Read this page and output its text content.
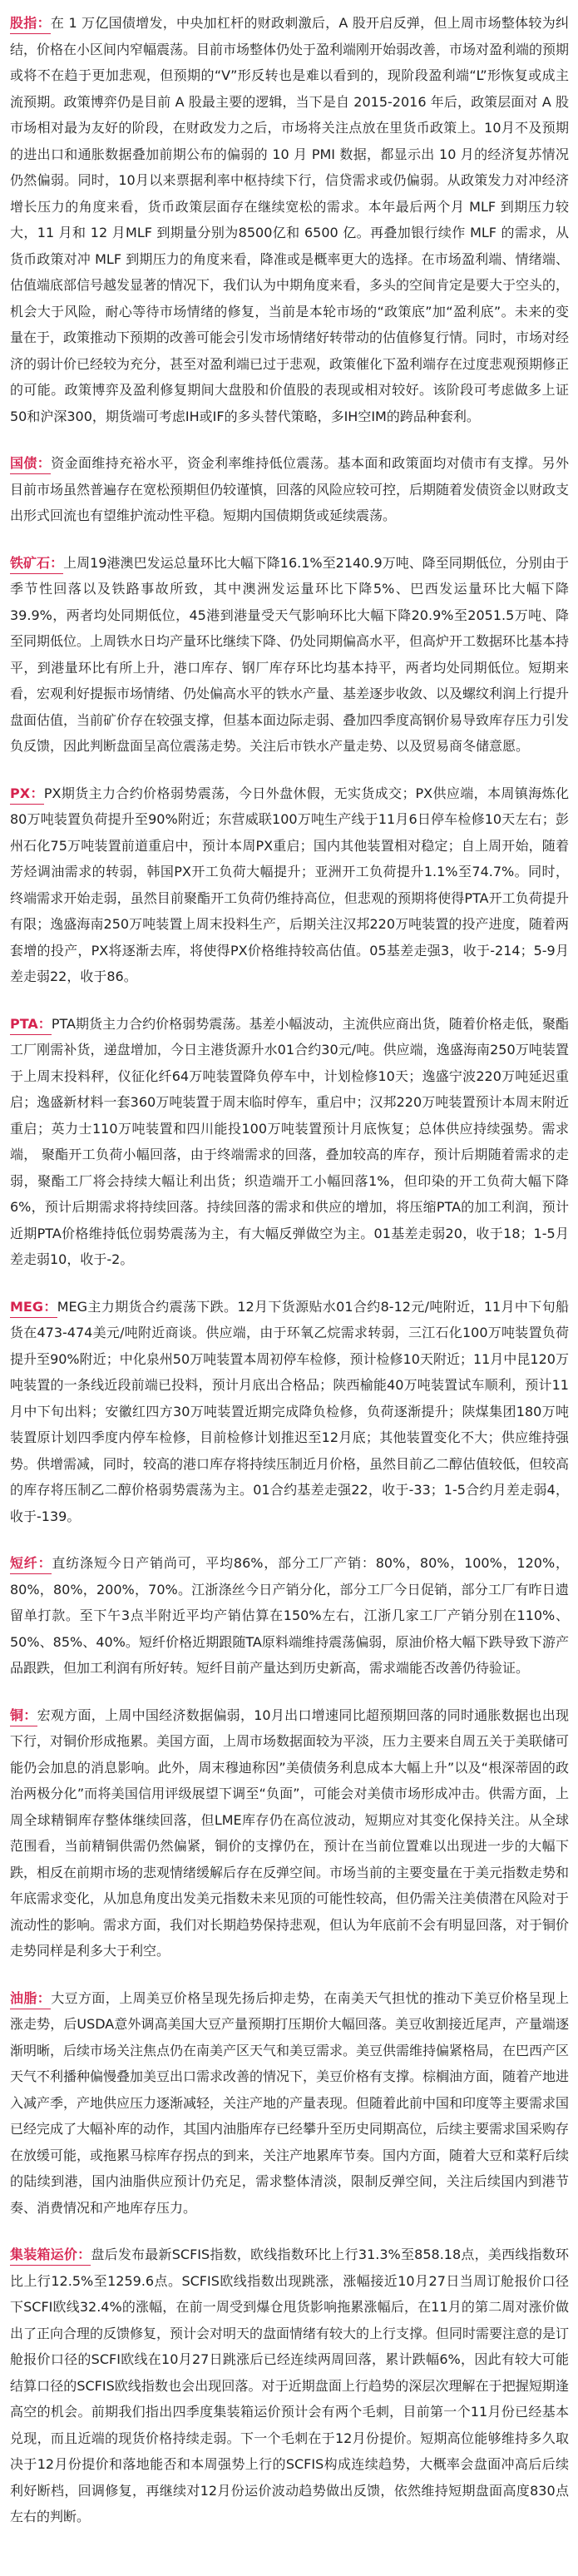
股指：在 1 万亿国债增发，中央加杠杆的财政刺激后，A 股开启反弹，但上周市场整体较为纠结，价格在小区间内窄幅震荡。目前市场整体仍处于盈利端刚开始弱改善，市场对盈利端的预期或将不在趋于更加悲观，但预期的“V”形反转也是难以看到的，现阶段盈利端“L”形恢复或成主流预期。政策博弈仍是目前 A 股最主要的逻辑，当下是自 2015-2016 年后，政策层面对 A 股市场相对最为友好的阶段，在财政发力之后，市场将关注点放在里货币政策上。10月不及预期的进出口和通胀数据叠加前期公布的偏弱的 10 月 PMI 数据，都显示出 10 月的经济复苏情况仍然偏弱。同时，10月以来票据利率中枢持续下行，信贷需求或仍偏弱。从政策发力对冲经济增长压力的角度来看，货币政策层面存在继续宽松的需求。本年最后两个月 MLF 到期压力较大，11 月和 12 月MLF 到期量分别为8500亿和 6500 亿。再叠加银行续作 MLF 的需求，从货币政策对冲 MLF 到期压力的角度来看，降准或是概率更大的选择。在市场盈利端、情绪端、估值端底部信号越发显著的情况下，我们认为中期角度来看，多头的空间肯定是要大于空头的，机会大于风险，耐心等待市场情绪的修复，当前是本轮市场的“政策底”加“盈利底”。未来的变量在于，政策推动下预期的改善可能会引发市场情绪好转带动的估值修复行情。同时，市场对经济的弱计价已经较为充分，甚至对盈利端已过于悲观，政策催化下盈利端存在过度悲观预期修正的可能。政策博弈及盈利修复期间大盘股和价值股的表现或相对较好。该阶段可考虑做多上证50和沪深300，期货端可考虑IH或IF的多头替代策略，多IH空IM的跨品种套利。

国债：资金面维持充裕水平，资金利率维持低位震荡。基本面和政策面均对债市有支撑。另外目前市场虽然普遍存在宽松预期但仍较谨慎，回落的风险应较可控，后期随着发债资金以财政支出形式回流也有望维护流动性平稳。短期内国债期货或延续震荡。

铁矿石：上周19港澳巴发运总量环比大幅下降16.1%至2140.9万吨、降至同期低位，分别由于季节性回落以及铁路事故所致，其中澳洲发运量环比下降5%、巴西发运量环比大幅下降39.9%，两者均处同期低位，45港到港量受天气影响环比大幅下降20.9%至2051.5万吨、降至同期低位。上周铁水日均产量环比继续下降、仍处同期偏高水平，但高炉开工数据环比基本持平，到港量环比有所上升，港口库存、钢厂库存环比均基本持平，两者均处同期低位。短期来看，宏观利好提振市场情绪、仍处偏高水平的铁水产量、基差逐步收敛、以及螺纹利润上行提升盘面估值，当前矿价存在较强支撑，但基本面边际走弱、叠加四季度高钢价易导致库存压力引发负反馈，因此判断盘面呈高位震荡走势。关注后市铁水产量走势、以及贸易商冬储意愿。

PX：PX期货主力合约价格弱势震荡，今日外盘休假，无实货成交；PX供应端，本周镇海炼化80万吨装置负荷提升至90%附近；东营威联100万吨生产线于11月6日停车检修10天左右；彭州石化75万吨装置前道重启中，预计本周PX重启；国内其他装置相对稳定；自上周开始，随着芳烃调油需求的转弱，韩国PX开工负荷大幅提升；亚洲开工负荷提升1.1%至74.7%。同时，终端需求开始走弱，虽然目前聚酯开工负荷仍维持高位，但悲观的预期将使得PTA开工负荷提升有限；逸盛海南250万吨装置上周末投料生产，后期关注汉邦220万吨装置的投产进度，随着两套增的投产，PX将逐渐去库，将使得PX价格维持较高估值。05基差走强3，收于-214；5-9月差走弱22，收于86。

PTA：PTA期货主力合约价格弱势震荡。基差小幅波动，主流供应商出货，随着价格走低，聚酯工厂刚需补货，递盘增加，今日主港货源升水01合约30元/吨。供应端，逸盛海南250万吨装置于上周末投料秤，仪征化纤64万吨装置降负停车中，计划检修10天；逸盛宁波220万吨延迟重启；逸盛新材料一套360万吨装置于周末临时停车，重启中；汉邦220万吨装置预计本周末附近重启；英力士110万吨装置和四川能投100万吨装置预计月底恢复；总体供应持续强势。需求端， 聚酯开工负荷小幅回落，由于终端需求的回落，叠加较高的库存，预计后期随着需求的走弱，聚酯工厂将会持续大幅让利出货；织造端开工小幅回落1%，但印染的开工负荷大幅下降6%，预计后期需求将持续回落。持续回落的需求和供应的增加，将压缩PTA的加工利润，预计近期PTA价格维持低位弱势震荡为主，有大幅反弹做空为主。01基差走弱20，收于18；1-5月差走弱10，收于-2。

MEG：MEG主力期货合约震荡下跌。12月下货源贴水01合约8-12元/吨附近，11月中下旬船货在473-474美元/吨附近商谈。供应端，由于环氧乙烷需求转弱，三江石化100万吨装置负荷提升至90%附近；中化泉州50万吨装置本周初停车检修，预计检修10天附近；11月中昆120万吨装置的一条线近段前端已投料，预计月底出合格品；陕西榆能40万吨装置试车顺利，预计11月中下旬出料；安徽红四方30万吨装置近期完成降负检修，负荷逐渐提升；陕煤集团180万吨装置原计划四季度内停车检修，目前检修计划推迟至12月底；其他装置变化不大；供应维持强势。供增需减，同时，较高的港口库存将持续压制近月价格，虽然目前乙二醇估值较低，但较高的库存将压制乙二醇价格弱势震荡为主。01合约基差走强22，收于-33；1-5合约月差走弱4，收于-139。

短纤：直纺涤短今日产销尚可，平均86%，部分工厂产销：80%，80%，100%，120%，80%，80%，200%，70%。江浙涤丝今日产销分化，部分工厂今日促销，部分工厂有昨日遗留单打款。至下午3点半附近平均产销估算在150%左右，江浙几家工厂产销分别在110%、50%、85%、40%。短纤价格近期跟随TA原料端维持震荡偏弱，原油价格大幅下跌导致下游产品跟跌，但加工利润有所好转。短纤目前产量达到历史新高，需求端能否改善仍待验证。

铜：宏观方面，上周中国经济数据偏弱，10月出口增速同比超预期回落的同时通胀数据也出现下行，对铜价形成拖累。美国方面，上周市场数据面较为平淡，压力主要来自周五关于美联储可能仍会加息的消息影响。此外，周末穆迪称因”美债债务利息成本大幅上升”以及“根深蒂固的政治两极分化”而将美国信用评级展望下调至“负面”，可能会对美债市场形成冲击。供需方面，上周全球精铜库存整体继续回落，但LME库存仍在高位波动，短期应对其变化保持关注。从全球范围看，当前精铜供需仍然偏紧，铜价的支撑仍在，预计在当前位置难以出现进一步的大幅下跌，相反在前期市场的悲观情绪缓解后存在反弹空间。市场当前的主要变量在于美元指数走势和年底需求变化，从加息角度出发美元指数未来见顶的可能性较高，但仍需关注美债潜在风险对于流动性的影响。需求方面，我们对长期趋势保持悲观，但认为年底前不会有明显回落，对于铜价走势同样是利多大于利空。

油脂：大豆方面，上周美豆价格呈现先扬后抑走势，在南美天气担忧的推动下美豆价格呈现上涨走势，后USDA意外调高美国大豆产量预期打压期价大幅回落。美豆收割接近尾声，产量端逐渐明晰，后续市场关注焦点仍在南美产区天气和美豆需求。美豆供需维持偏紧格局，在巴西产区天气不利播种偏慢叠加美豆出口需求改善的情况下，美豆价格有支撑。棕榈油方面，随着产地进入减产季，产地供应压力逐渐减轻，关注产地的产量表现。但随着此前中国和印度等主要需求国已经完成了大幅补库的动作，其国内油脂库存已经攀升至历史同期高位，后续主要需求国采购存在放缓可能，或拖累马棕库存拐点的到来，关注产地累库节奏。国内方面，随着大豆和菜籽后续的陆续到港，国内油脂供应预计仍充足，需求整体清淡，限制反弹空间，关注后续国内到港节奏、消费情况和产地库存压力。

集装箱运价：盘后发布最新SCFIS指数，欧线指数环比上行31.3%至858.18点，美西线指数环比上行12.5%至1259.6点。SCFIS欧线指数出现跳涨，涨幅接近10月27日当周订舱报价口径下SCFI欧线32.4%的涨幅，在前一周受到爆仓甩货影响拖累涨幅后，在11月的第二周对涨价做出了正向合理的反馈修复，预计会对明天的盘面情绪有较大的上行支撑。但同时需要注意的是订舱报价口径的SCFI欧线在10月27日跳涨后已经连续两周回落，累计跌幅6%，因此有较大可能结算口径的SCFIS欧线指数也会出现回落。对于近期盘面上行趋势的深层次理解在于把握短期逢高空的机会。前期我们指出四季度集装箱运价预计会有两个毛刺，目前第一个11月份已经基本兑现，而且近端的现货价格持续走弱。下一个毛刺在于12月份提价。短期高位能够维持多久取决于12月份提价和落地能否和本周强势上行的SCFIS构成连续趋势，大概率会盘面冲高后后续利好断档，回调修复，再继续对12月份运价波动趋势做出反馈，依然维持短期盘面高度830点左右的判断。
